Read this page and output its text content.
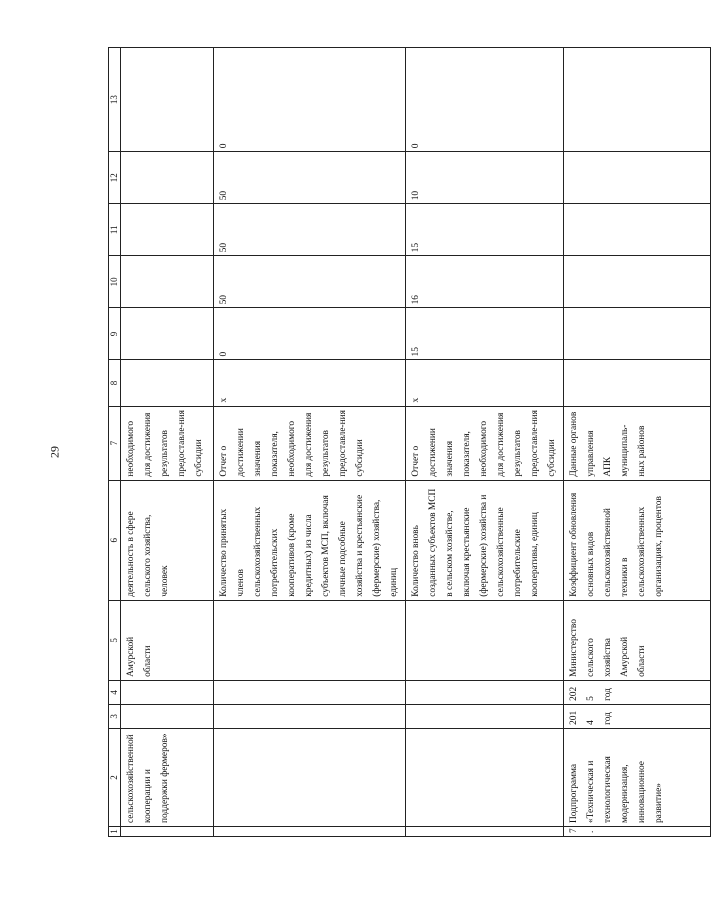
29
1	2	3	4	5	6	7	8	9	10	11	12	13
	сельскохозяйственной кооперации и поддержки фермеров»			Амурской области	деятельность в сфере сельского хозяйства, человек	необходимого для достижения результатов предоставле-ния субсидии						
					Количество принятых членов сельскохозяйственных потребительских кооперативов (кроме кредитных) из числа субъектов МСП, включая личные подсобные хозяйства и крестьянские (фермерские) хозяйства, единиц	Отчет о достижении значения показателя, необходимого для достижения результатов предоставле-ния субсидии	x	0	50	50	50	0
					Количество вновь созданных субъектов МСП в сельском хозяйстве, включая крестьянские (фермерские) хозяйства и сельскохозяйственные потребительские кооперативы, единиц	Отчет о достижении значения показателя, необходимого для достижения результатов предоставле-ния субсидии	x	15	16	15	10	0
7.	Подпрограмма «Техническая и технологическая модернизация, инновационное развитие»	2014 год	2025 год	Министерство сельского хозяйства Амурской области	Коэффициент обновления основных видов сельскохозяйственной техники в сельскохозяйственных организациях, процентов	Данные органов управления АПК муниципаль-ных районов						
